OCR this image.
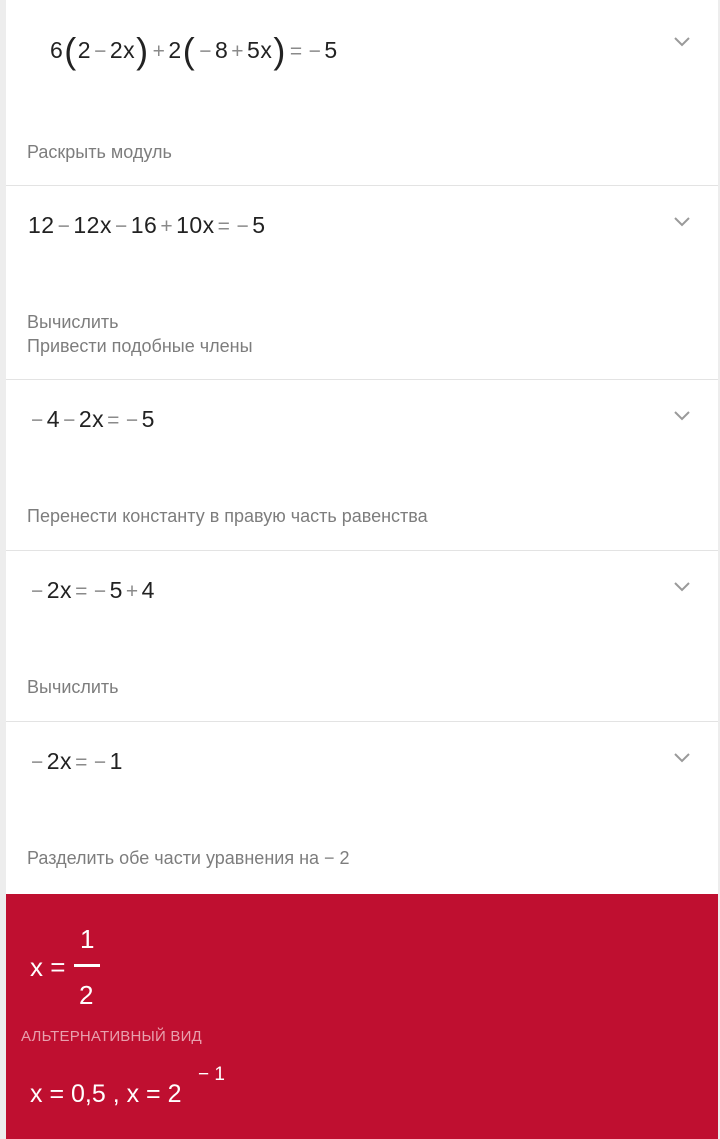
6(2 − 2x) + 2( − 8 + 5x) = − 5
Раскрыть модуль
12 − 12x − 16 + 10x = − 5
Вычислить
Привести подобные члены
− 4 − 2x = − 5
Перенести константу в правую часть равенства
− 2x = − 5 + 4
Вычислить
− 2x = − 1
Разделить обе части уравнения на − 2
x =
1
2
АЛЬТЕРНАТИВНЫЙ ВИД
x = 0,5 , x = 2
− 1
